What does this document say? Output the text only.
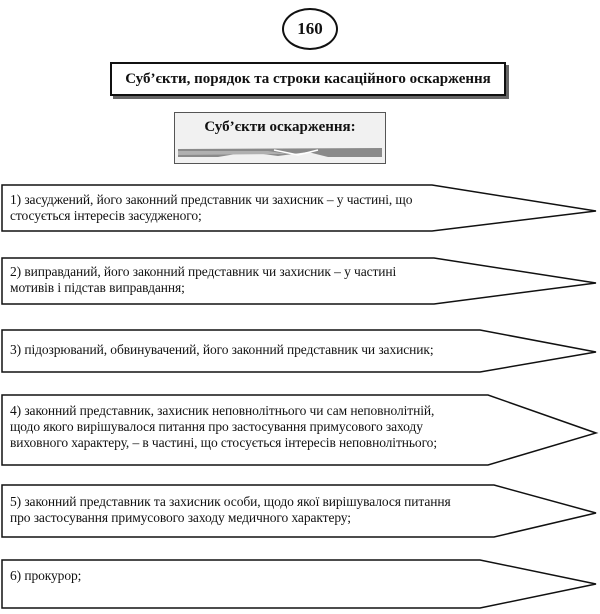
160
Суб’єкти, порядок та строки касаційного оскарження
Суб’єкти оскарження:
1) засуджений, його законний представник чи захисник – у частині, що
стосується інтересів засудженого;
2) виправданий, його законний представник чи захисник – у частині
мотивів і підстав виправдання;
3) підозрюваний, обвинувачений, його законний представник чи захисник;
4) законний представник, захисник неповнолітнього чи сам неповнолітній,
щодо якого вирішувалося питання про застосування примусового заходу
виховного характеру, – в частині, що стосується інтересів неповнолітнього;
5) законний представник та захисник особи, щодо якої вирішувалося питання
про застосування примусового заходу медичного характеру;
6) прокурор;
